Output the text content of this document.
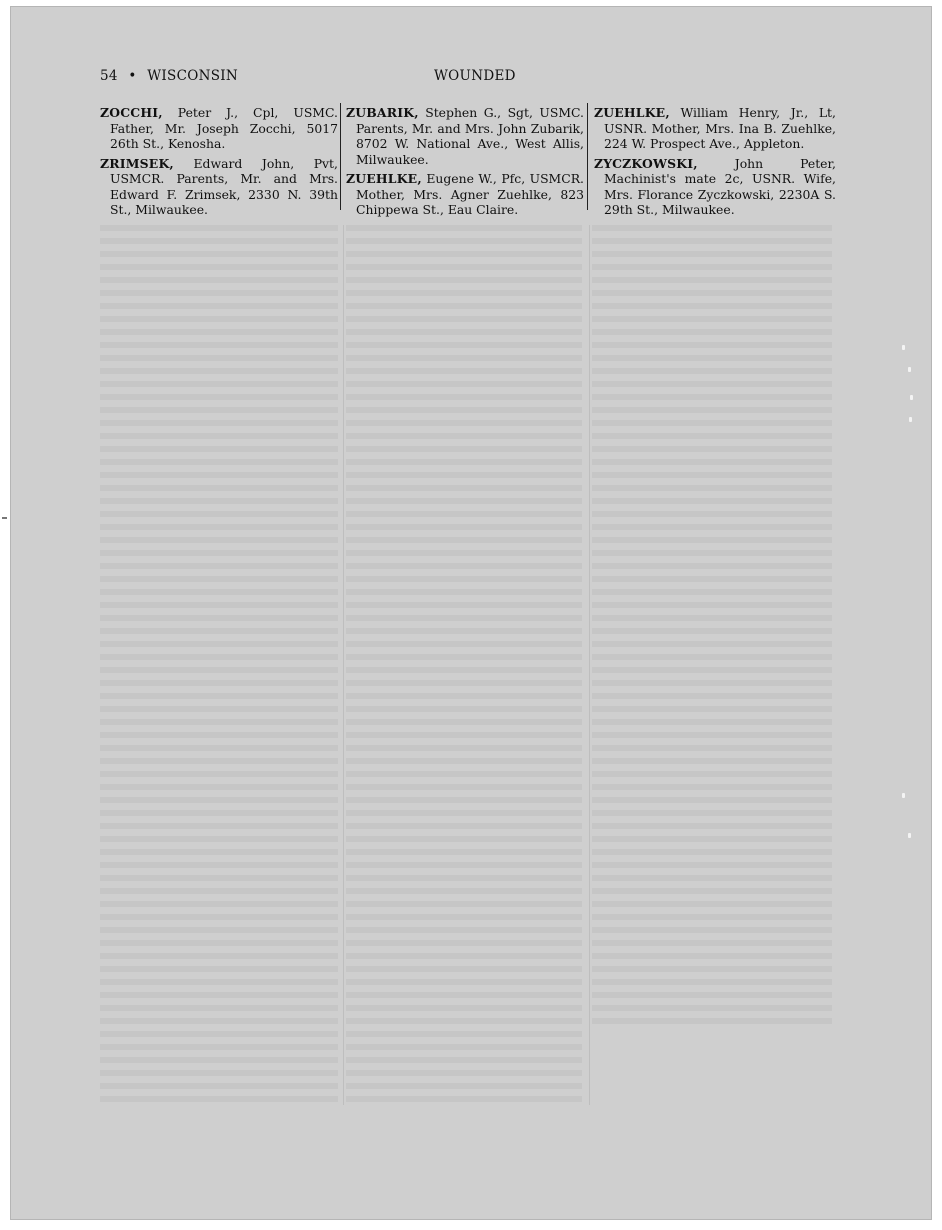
54 • WISCONSIN	WOUNDED

ZOCCHI, Peter J., Cpl, USMC. Father, Mr. Joseph Zocchi, 5017 26th St., Kenosha.

ZRIMSEK, Edward John, Pvt, USMCR. Parents, Mr. and Mrs. Edward F. Zrimsek, 2330 N. 39th St., Milwaukee.

ZUBARIK, Stephen G., Sgt, USMC. Parents, Mr. and Mrs. John Zubarik, 8702 W. National Ave., West Allis, Milwaukee.

ZUEHLKE, Eugene W., Pfc, USMCR. Mother, Mrs. Agner Zuehlke, 823 Chippewa St., Eau Claire.

ZUEHLKE, William Henry, Jr., Lt, USNR. Mother, Mrs. Ina B. Zuehlke, 224 W. Prospect Ave., Appleton.

ZYCZKOWSKI,	John Peter, Machinist's mate 2c, USNR. Wife, Mrs. Florance Zyczkowski, 2230A S. 29th St., Milwaukee.
